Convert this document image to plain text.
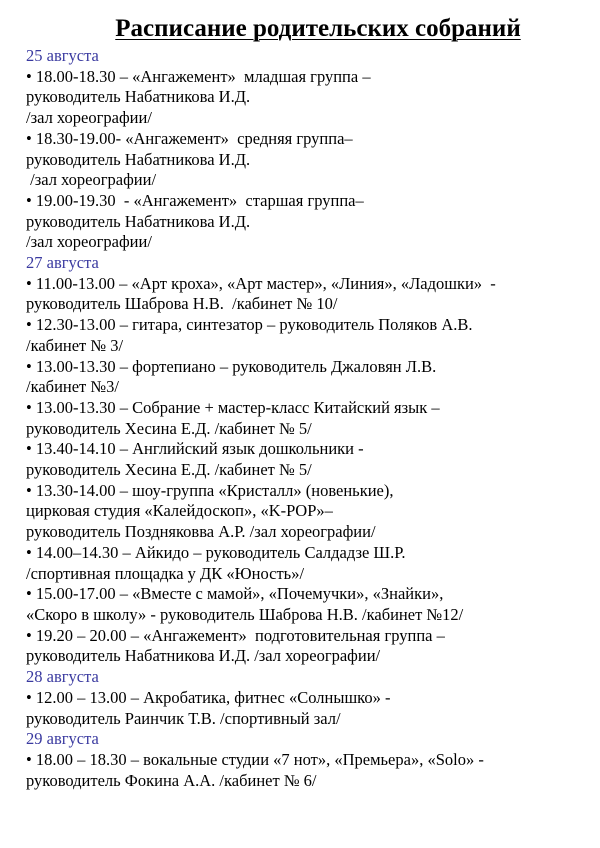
Расписание родительских собраний

25 августа

• 18.00-18.30 – «Ангажемент»  младшая группа –

руководитель Набатникова И.Д.

/зал хореографии/

• 18.30-19.00- «Ангажемент»  средняя группа–

руководитель Набатникова И.Д.

/зал хореографии/

• 19.00-19.30  - «Ангажемент»  старшая группа–

руководитель Набатникова И.Д.

/зал хореографии/

27 августа

• 11.00-13.00 – «Арт кроха», «Арт мастер», «Линия», «Ладошки»  -

руководитель Шаброва Н.В.  /кабинет № 10/

• 12.30-13.00 – гитара, синтезатор – руководитель Поляков А.В.

/кабинет № 3/

• 13.00-13.30 – фортепиано – руководитель Джаловян Л.В.

/кабинет №3/

• 13.00-13.30 – Собрание + мастер-класс Китайский язык –

руководитель Хесина Е.Д. /кабинет № 5/

• 13.40-14.10 – Английский язык дошкольники -

руководитель Хесина Е.Д. /кабинет № 5/

• 13.30-14.00 – шоу-группа «Кристалл» (новенькие),

цирковая студия «Калейдоскоп», «K-POP»–

руководитель Поздняковва А.Р. /зал хореографии/

• 14.00–14.30 – Айкидо – руководитель Салдадзе Ш.Р.

/спортивная площадка у ДК «Юность»/

• 15.00-17.00 – «Вместе с мамой», «Почемучки», «Знайки»,

«Скоро в школу» - руководитель Шаброва Н.В. /кабинет №12/

• 19.20 – 20.00 – «Ангажемент»  подготовительная группа –

руководитель Набатникова И.Д. /зал хореографии/

28 августа

• 12.00 – 13.00 – Акробатика, фитнес «Солнышко» -

руководитель Раинчик Т.В. /спортивный зал/

29 августа

• 18.00 – 18.30 – вокальные студии «7 нот», «Премьера», «Solo» -

руководитель Фокина А.А. /кабинет № 6/
